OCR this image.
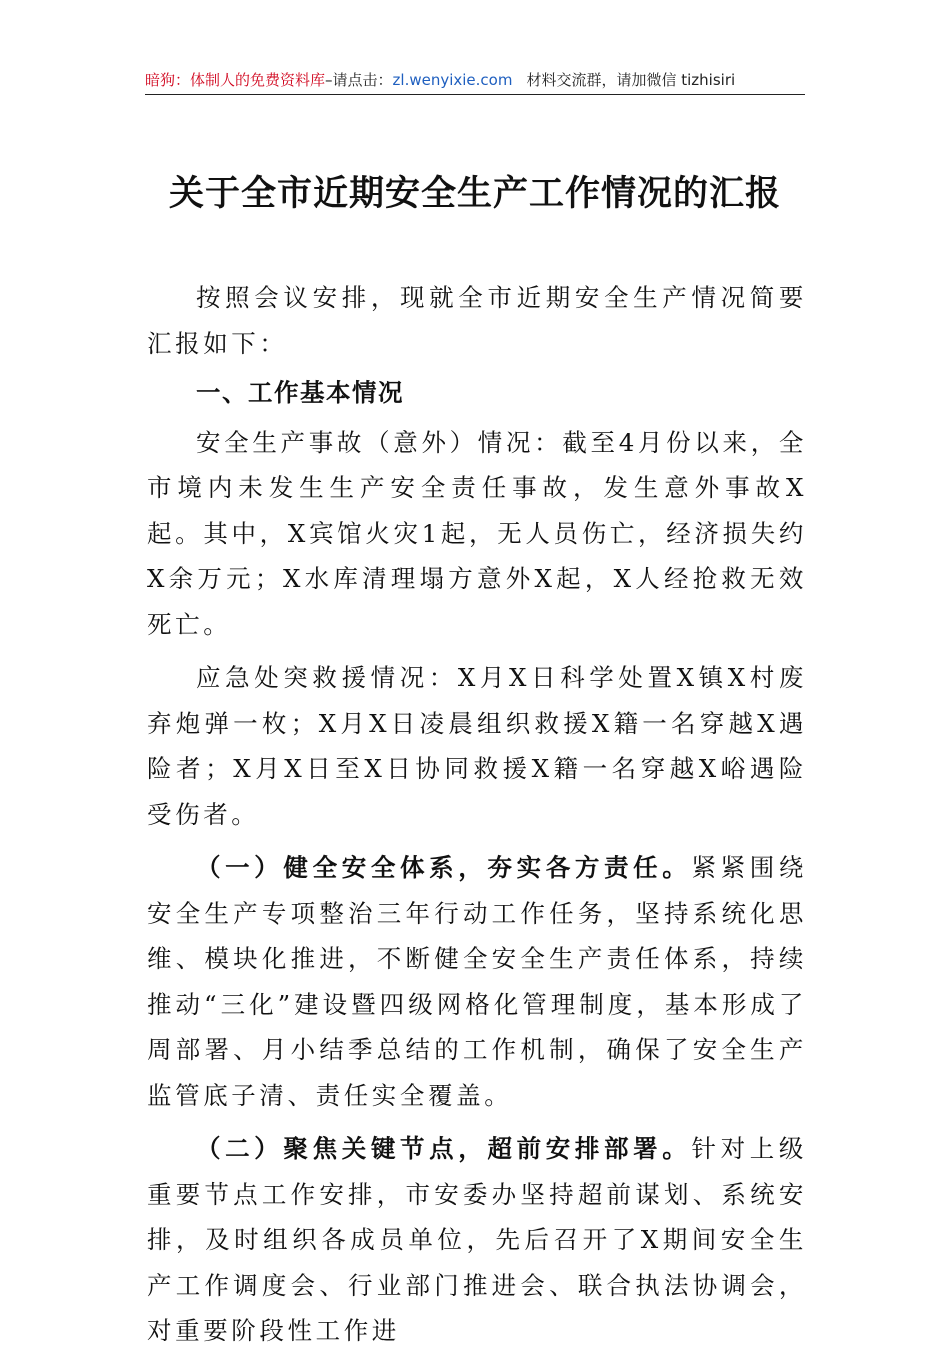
暗狗：体制人的免费资料库–请点击：zl.wenyixie.com 材料交流群，请加微信 tizhisiri
关于全市近期安全生产工作情况的汇报

按照会议安排，现就全市近期安全生产情况简要汇报如下：

一、工作基本情况

安全生产事故（意外）情况：截至4月份以来，全市境内未发生生产安全责任事故，发生意外事故X起。其中，X宾馆火灾1起，无人员伤亡，经济损失约X余万元；X水库清理塌方意外X起，X人经抢救无效死亡。

应急处突救援情况：X月X日科学处置X镇X村废弃炮弹一枚；X月X日凌晨组织救援X籍一名穿越X遇险者；X月X日至X日协同救援X籍一名穿越X峪遇险受伤者。

（一）健全安全体系，夯实各方责任。紧紧围绕安全生产专项整治三年行动工作任务，坚持系统化思维、模块化推进，不断健全安全生产责任体系，持续推动“三化”建设暨四级网格化管理制度，基本形成了周部署、月小结季总结的工作机制，确保了安全生产监管底子清、责任实全覆盖。

（二）聚焦关键节点，超前安排部署。针对上级重要节点工作安排，市安委办坚持超前谋划、系统安排，及时组织各成员单位，先后召开了X期间安全生产工作调度会、行业部门推进会、联合执法协调会，对重要阶段性工作进
